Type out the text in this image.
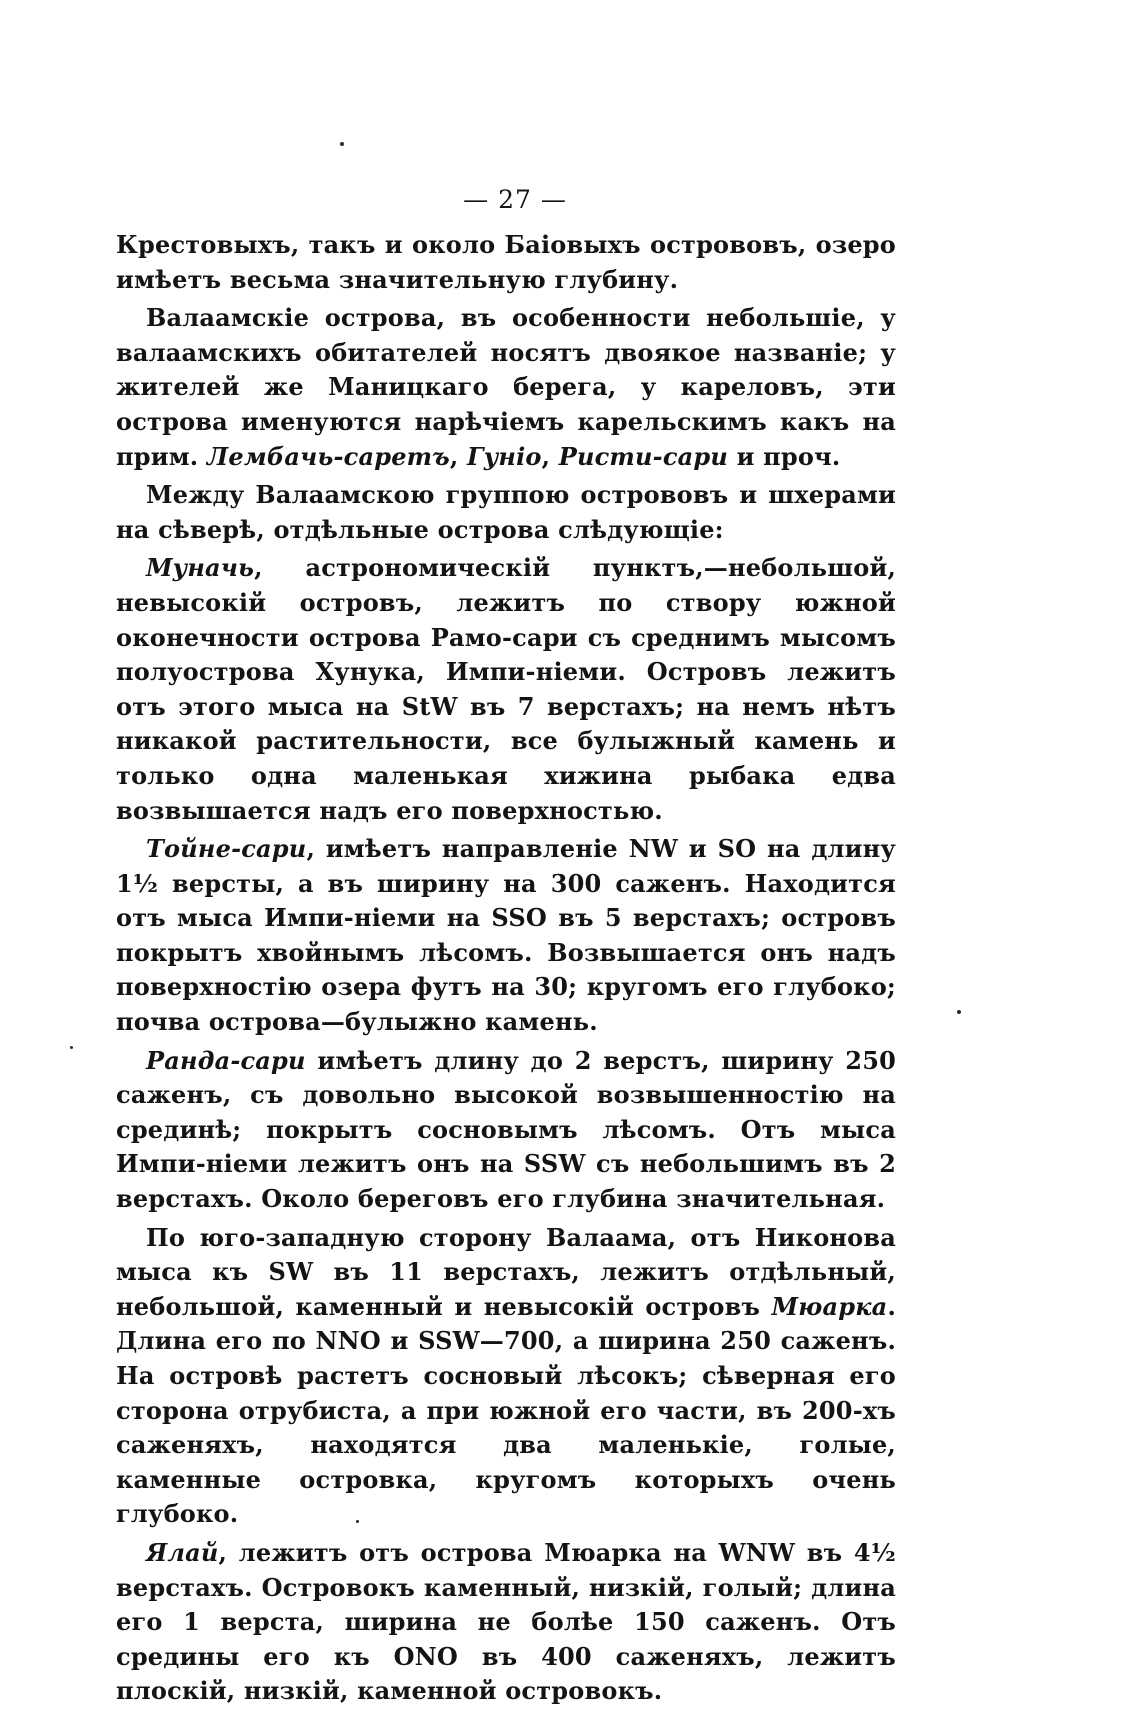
— 27 —

Крестовыхъ, такъ и около Баіовыхъ острововъ, озеро имѣетъ весьма значительную глубину.

Валаамскіе острова, въ особенности небольшіе, у валаамскихъ обитателей носятъ двоякое названіе; у жителей же Маницкаго берега, у кареловъ, эти острова именуются нарѣчіемъ карельскимъ какъ на прим. Лембачь-саретъ, Гуніо, Ристи-сари и проч.

Между Валаамскою группою острововъ и шхерами на сѣверѣ, отдѣльные острова слѣдующіе:

Муначь, астрономическій пунктъ,—небольшой, невысокій островъ, лежитъ по створу южной оконечности острова Рамо-сари съ среднимъ мысомъ полуострова Хунука, Импи-ніеми. Островъ лежитъ отъ этого мыса на StW въ 7 верстахъ; на немъ нѣтъ никакой растительности, все булыжный камень и только одна маленькая хижина рыбака едва возвышается надъ его поверхностью.

Тойне-сари, имѣетъ направленіе NW и SO на длину 1½ версты, а въ ширину на 300 саженъ. Находится отъ мыса Импи-ніеми на SSO въ 5 верстахъ; островъ покрытъ хвойнымъ лѣсомъ. Возвышается онъ надъ поверхностію озера футъ на 30; кругомъ его глубоко; почва острова—булыжно камень.

Ранда-сари имѣетъ длину до 2 верстъ, ширину 250 саженъ, съ довольно высокой возвышенностію на срединѣ; покрытъ сосновымъ лѣсомъ. Отъ мыса Импи-ніеми лежитъ онъ на SSW съ небольшимъ въ 2 верстахъ. Около береговъ его глубина значительная.

По юго-западную сторону Валаама, отъ Никонова мыса къ SW въ 11 верстахъ, лежитъ отдѣльный, небольшой, каменный и невысокій островъ Мюарка. Длина его по NNO и SSW—700, а ширина 250 саженъ. На островѣ растетъ сосновый лѣсокъ; сѣверная его сторона отрубиста, а при южной его части, въ 200-хъ саженяхъ, находятся два маленькіе, голые, каменные островка, кругомъ которыхъ очень глубоко.

Ялай, лежитъ отъ острова Мюарка на WNW въ 4½ верстахъ. Островокъ каменный, низкій, голый; длина его 1 верста, ширина не болѣе 150 саженъ. Отъ средины его къ ONO въ 400 саженяхъ, лежитъ плоскій, низкій, каменной островокъ.
